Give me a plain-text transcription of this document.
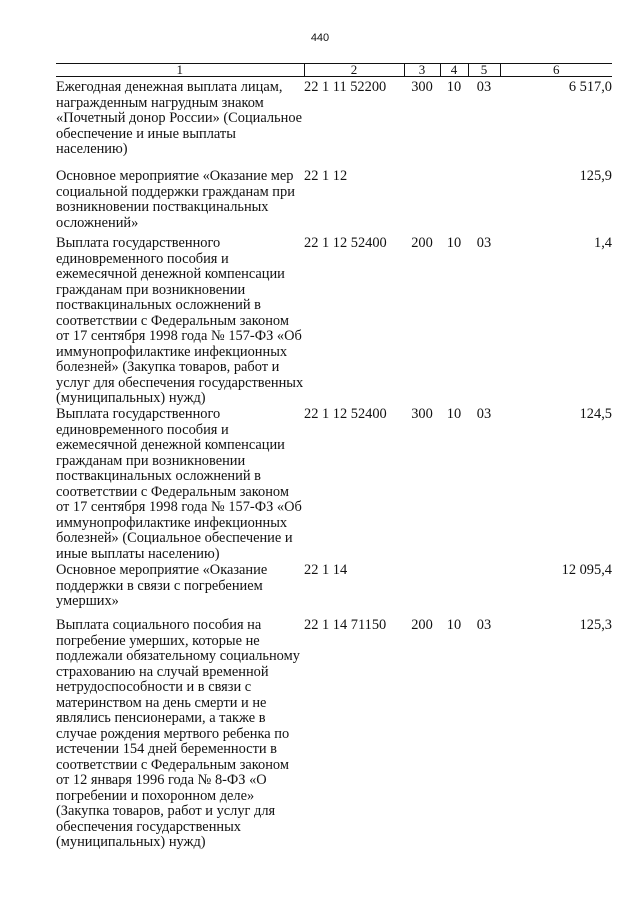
440
1	2	3	4	5	6
Ежегодная денежная выплата лицам, награжденным нагрудным знаком «Почетный донор России» (Социальное обеспечение и иные выплаты населению)	22 1 11 52200	300	10	03	6 517,0
Основное мероприятие «Оказание мер социальной поддержки гражданам при возникновении поствакцинальных осложнений»	22 1 12				125,9
Выплата государственного единовременного пособия и ежемесячной денежной компенсации гражданам при возникновении поствакцинальных осложнений в соответствии с Федеральным законом от 17 сентября 1998 года № 157-ФЗ «Об иммунопрофилактике инфекционных болезней» (Закупка товаров, работ и услуг для обеспечения государственных (муниципальных) нужд)	22 1 12 52400	200	10	03	1,4
Выплата государственного единовременного пособия и ежемесячной денежной компенсации гражданам при возникновении поствакцинальных осложнений в соответствии с Федеральным законом от 17 сентября 1998 года № 157-ФЗ «Об иммунопрофилактике инфекционных болезней» (Социальное обеспечение и иные выплаты населению)	22 1 12 52400	300	10	03	124,5
Основное мероприятие «Оказание поддержки в связи с погребением умерших»	22 1 14				12 095,4
Выплата социального пособия на погребение умерших, которые не подлежали обязательному социальному страхованию на случай временной нетрудоспособности и в связи с материнством на день смерти и не являлись пенсионерами, а также в случае рождения мертвого ребенка по истечении 154 дней беременности в соответствии с Федеральным законом от 12 января 1996 года № 8-ФЗ «О погребении и похоронном деле» (Закупка товаров, работ и услуг для обеспечения государственных (муниципальных) нужд)	22 1 14 71150	200	10	03	125,3
